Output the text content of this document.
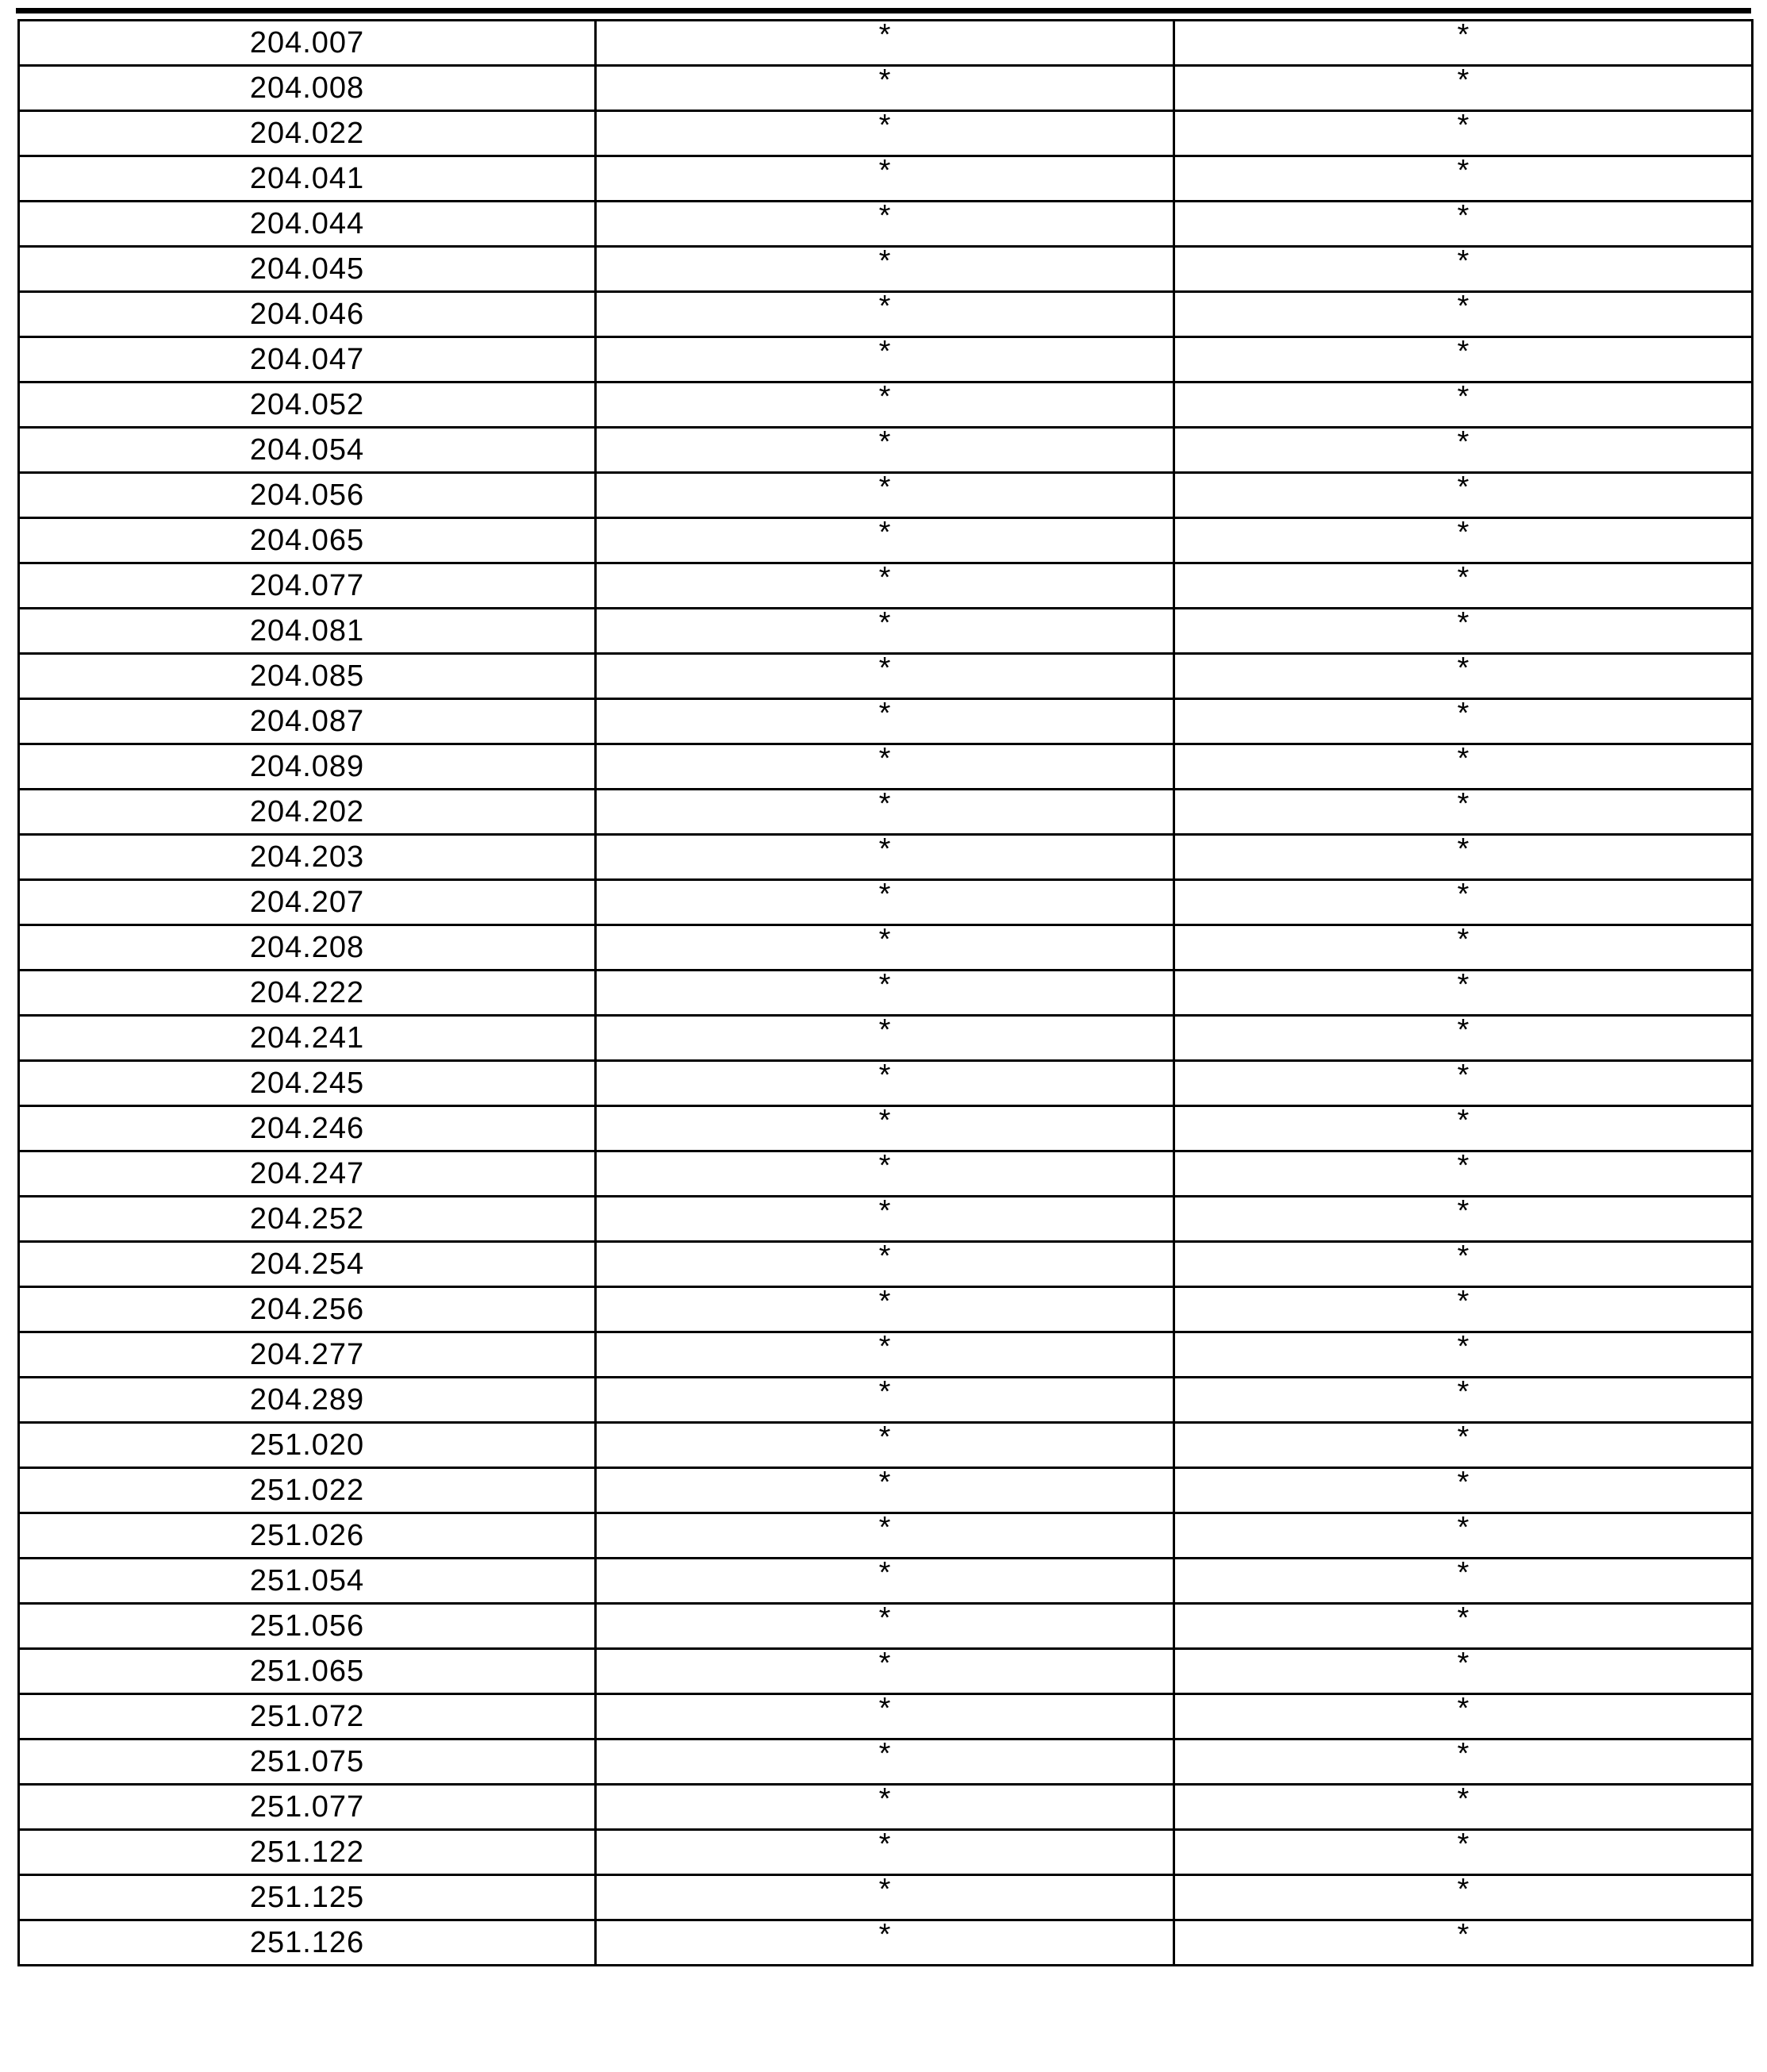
204.007	*	*
204.008	*	*
204.022	*	*
204.041	*	*
204.044	*	*
204.045	*	*
204.046	*	*
204.047	*	*
204.052	*	*
204.054	*	*
204.056	*	*
204.065	*	*
204.077	*	*
204.081	*	*
204.085	*	*
204.087	*	*
204.089	*	*
204.202	*	*
204.203	*	*
204.207	*	*
204.208	*	*
204.222	*	*
204.241	*	*
204.245	*	*
204.246	*	*
204.247	*	*
204.252	*	*
204.254	*	*
204.256	*	*
204.277	*	*
204.289	*	*
251.020	*	*
251.022	*	*
251.026	*	*
251.054	*	*
251.056	*	*
251.065	*	*
251.072	*	*
251.075	*	*
251.077	*	*
251.122	*	*
251.125	*	*
251.126	*	*
